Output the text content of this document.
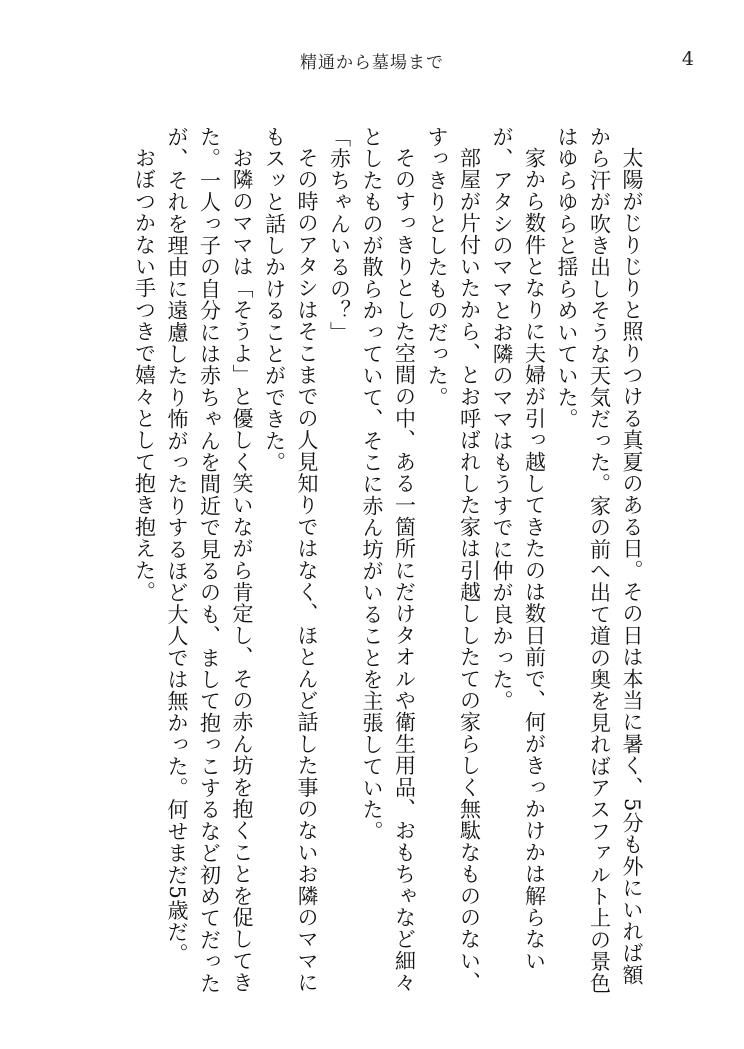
精通から墓場まで	4

太陽がじりじりと照りつける真夏のある日。その日は本当に暑く、5分も外にいれば額から汗が吹き出しそうな天気だった。家の前へ出て道の奥を見ればアスファルト上の景色はゆらゆらと揺らめいていた。

家から数件となりに夫婦が引っ越してきたのは数日前で、何がきっかけかは解らないが、アタシのママとお隣のママはもうすでに仲が良かった。

部屋が片付いたから、とお呼ばれした家は引越ししたての家らしく無駄なもののない、すっきりとしたものだった。

そのすっきりとした空間の中、ある一箇所にだけタオルや衛生用品、おもちゃなど細々としたものが散らかっていて、そこに赤ん坊がいることを主張していた。

「赤ちゃんいるの？」

その時のアタシはそこまでの人見知りではなく、ほとんど話した事のないお隣のママにもスッと話しかけることができた。

お隣のママは「そうよ」と優しく笑いながら肯定し、その赤ん坊を抱くことを促してきた。一人っ子の自分には赤ちゃんを間近で見るのも、まして抱っこするなど初めてだったが、それを理由に遠慮したり怖がったりするほど大人では無かった。何せまだ5歳だ。

おぼつかない手つきで嬉々として抱き抱えた。
